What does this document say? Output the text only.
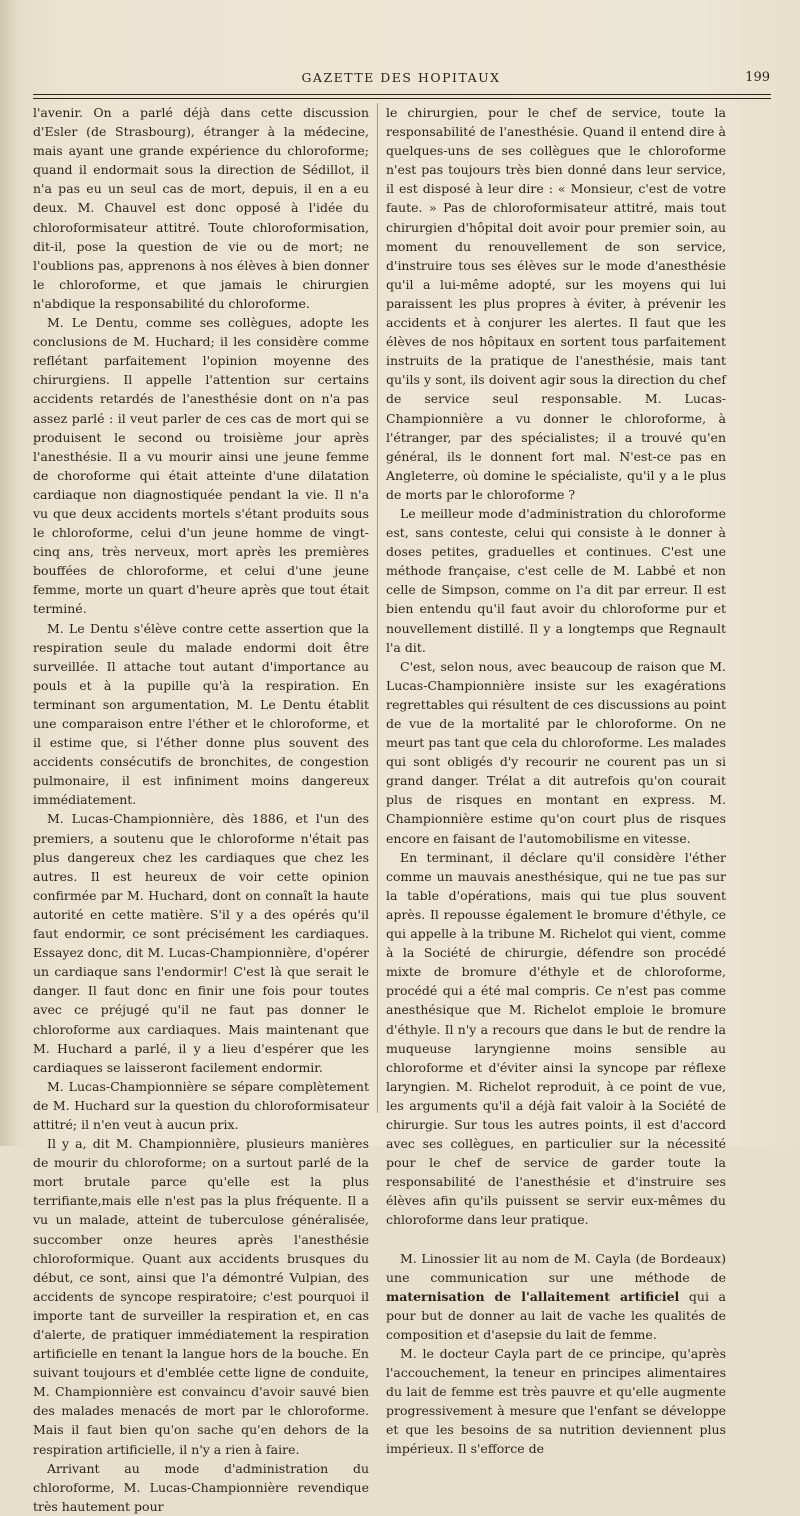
GAZETTE DES HOPITAUX	199

l'avenir. On a parlé déjà dans cette discussion d'Esler (de Strasbourg), étranger à la médecine, mais ayant une grande expérience du chloroforme; quand il endormait sous la direction de Sédillot, il n'a pas eu un seul cas de mort, depuis, il en a eu deux. M. Chauvel est donc opposé à l'idée du chloroformisateur attitré. Toute chloroformisation, dit-il, pose la question de vie ou de mort; ne l'oublions pas, apprenons à nos élèves à bien donner le chloroforme, et que jamais le chirurgien n'abdique la responsabilité du chloroforme.

M. Le Dentu, comme ses collègues, adopte les conclusions de M. Huchard; il les considère comme reflétant parfaitement l'opinion moyenne des chirurgiens. Il appelle l'attention sur certains accidents retardés de l'anesthésie dont on n'a pas assez parlé : il veut parler de ces cas de mort qui se produisent le second ou troisième jour après l'anesthésie. Il a vu mourir ainsi une jeune femme de choroforme qui était atteinte d'une dilatation cardiaque non diagnostiquée pendant la vie. Il n'a vu que deux accidents mortels s'étant produits sous le chloroforme, celui d'un jeune homme de vingt-cinq ans, très nerveux, mort après les premières bouffées de chloroforme, et celui d'une jeune femme, morte un quart d'heure après que tout était terminé.

M. Le Dentu s'élève contre cette assertion que la respiration seule du malade endormi doit être surveillée. Il attache tout autant d'importance au pouls et à la pupille qu'à la respiration. En terminant son argumentation, M. Le Dentu établit une comparaison entre l'éther et le chloroforme, et il estime que, si l'éther donne plus souvent des accidents consécutifs de bronchites, de congestion pulmonaire, il est infiniment moins dangereux immédiatement.

M. Lucas-Championnière, dès 1886, et l'un des premiers, a soutenu que le chloroforme n'était pas plus dangereux chez les cardiaques que chez les autres. Il est heureux de voir cette opinion confirmée par M. Huchard, dont on connaît la haute autorité en cette matière. S'il y a des opérés qu'il faut endormir, ce sont précisément les cardiaques. Essayez donc, dit M. Lucas-Championnière, d'opérer un cardiaque sans l'endormir! C'est là que serait le danger. Il faut donc en finir une fois pour toutes avec ce préjugé qu'il ne faut pas donner le chloroforme aux cardiaques. Mais maintenant que M. Huchard a parlé, il y a lieu d'espérer que les cardiaques se laisseront facilement endormir.

M. Lucas-Championnière se sépare complètement de M. Huchard sur la question du chloroformisateur attitré; il n'en veut à aucun prix.

Il y a, dit M. Championnière, plusieurs manières de mourir du chloroforme; on a surtout parlé de la mort brutale parce qu'elle est la plus terrifiante,mais elle n'est pas la plus fréquente. Il a vu un malade, atteint de tuberculose généralisée, succomber onze heures après l'anesthésie chloroformique. Quant aux accidents brusques du début, ce sont, ainsi que l'a démontré Vulpian, des accidents de syncope respiratoire; c'est pourquoi il importe tant de surveiller la respiration et, en cas d'alerte, de pratiquer immédiatement la respiration artificielle en tenant la langue hors de la bouche. En suivant toujours et d'emblée cette ligne de conduite, M. Championnière est convaincu d'avoir sauvé bien des malades menacés de mort par le chloroforme. Mais il faut bien qu'on sache qu'en dehors de la respiration artificielle, il n'y a rien à faire.

Arrivant au mode d'administration du chloroforme, M. Lucas-Championnière revendique très hautement pour

le chirurgien, pour le chef de service, toute la responsabilité de l'anesthésie. Quand il entend dire à quelques-uns de ses collègues que le chloroforme n'est pas toujours très bien donné dans leur service, il est disposé à leur dire : « Monsieur, c'est de votre faute. » Pas de chloroformisateur attitré, mais tout chirurgien d'hôpital doit avoir pour premier soin, au moment du renouvellement de son service, d'instruire tous ses élèves sur le mode d'anesthésie qu'il a lui-même adopté, sur les moyens qui lui paraissent les plus propres à éviter, à prévenir les accidents et à conjurer les alertes. Il faut que les élèves de nos hôpitaux en sortent tous parfaitement instruits de la pratique de l'anesthésie, mais tant qu'ils y sont, ils doivent agir sous la direction du chef de service seul responsable. M. Lucas-Championnière a vu donner le chloroforme, à l'étranger, par des spécialistes; il a trouvé qu'en général, ils le donnent fort mal. N'est-ce pas en Angleterre, où domine le spécialiste, qu'il y a le plus de morts par le chloroforme ?

Le meilleur mode d'administration du chloroforme est, sans conteste, celui qui consiste à le donner à doses petites, graduelles et continues. C'est une méthode française, c'est celle de M. Labbé et non celle de Simpson, comme on l'a dit par erreur. Il est bien entendu qu'il faut avoir du chloroforme pur et nouvellement distillé. Il y a longtemps que Regnault l'a dit.

C'est, selon nous, avec beaucoup de raison que M. Lucas-Championnière insiste sur les exagérations regrettables qui résultent de ces discussions au point de vue de la mortalité par le chloroforme. On ne meurt pas tant que cela du chloroforme. Les malades qui sont obligés d'y recourir ne courent pas un si grand danger. Trélat a dit autrefois qu'on courait plus de risques en montant en express. M. Championnière estime qu'on court plus de risques encore en faisant de l'automobilisme en vitesse.

En terminant, il déclare qu'il considère l'éther comme un mauvais anesthésique, qui ne tue pas sur la table d'opérations, mais qui tue plus souvent après. Il repousse également le bromure d'éthyle, ce qui appelle à la tribune M. Richelot qui vient, comme à la Société de chirurgie, défendre son procédé mixte de bromure d'éthyle et de chloroforme, procédé qui a été mal compris. Ce n'est pas comme anesthésique que M. Richelot emploie le bromure d'éthyle. Il n'y a recours que dans le but de rendre la muqueuse laryngienne moins sensible au chloroforme et d'éviter ainsi la syncope par réflexe laryngien. M. Richelot reproduit, à ce point de vue, les arguments qu'il a déjà fait valoir à la Société de chirurgie. Sur tous les autres points, il est d'accord avec ses collègues, en particulier sur la nécessité pour le chef de service de garder toute la responsabilité de l'anesthésie et d'instruire ses élèves afin qu'ils puissent se servir eux-mêmes du chloroforme dans leur pratique.

M. Linossier lit au nom de M. Cayla (de Bordeaux) une communication sur une méthode de maternisation de l'allaitement artificiel qui a pour but de donner au lait de vache les qualités de composition et d'asepsie du lait de femme.

M. le docteur Cayla part de ce principe, qu'après l'accouchement, la teneur en principes alimentaires du lait de femme est très pauvre et qu'elle augmente progressivement à mesure que l'enfant se développe et que les besoins de sa nutrition deviennent plus impérieux. Il s'efforce de
